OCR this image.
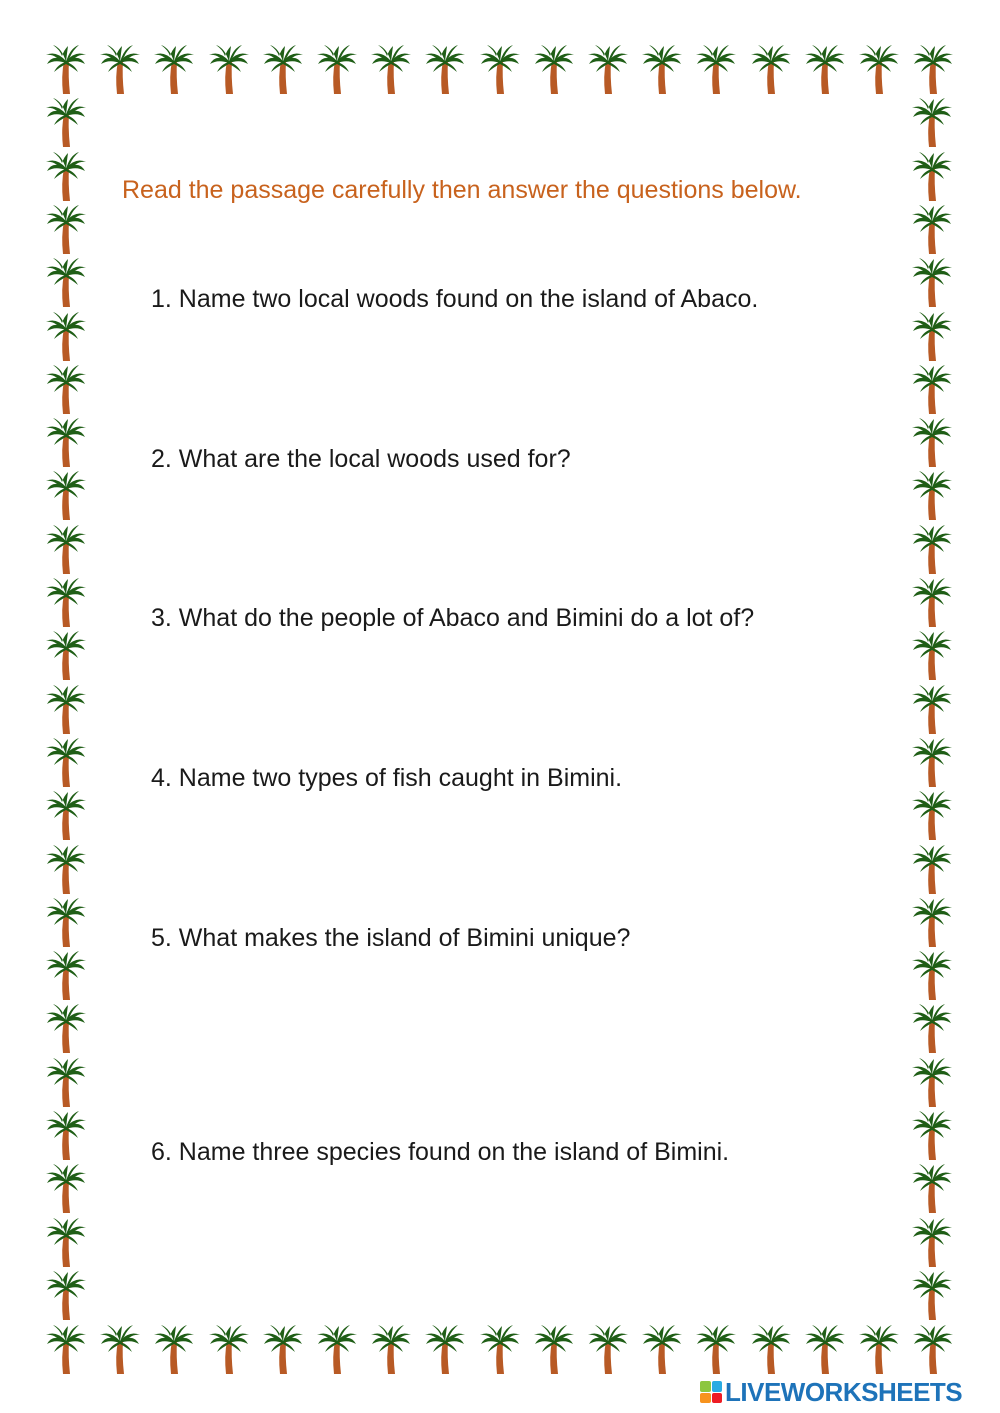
Read the passage carefully then answer the questions below.
1. Name two local woods found on the island of Abaco.
2. What are the local woods used for?
3. What do the people of Abaco and Bimini do a lot of?
4. Name two types of fish caught in Bimini.
5. What makes the island of Bimini unique?
6. Name three species found on the island of Bimini.
LIVEWORKSHEETS
